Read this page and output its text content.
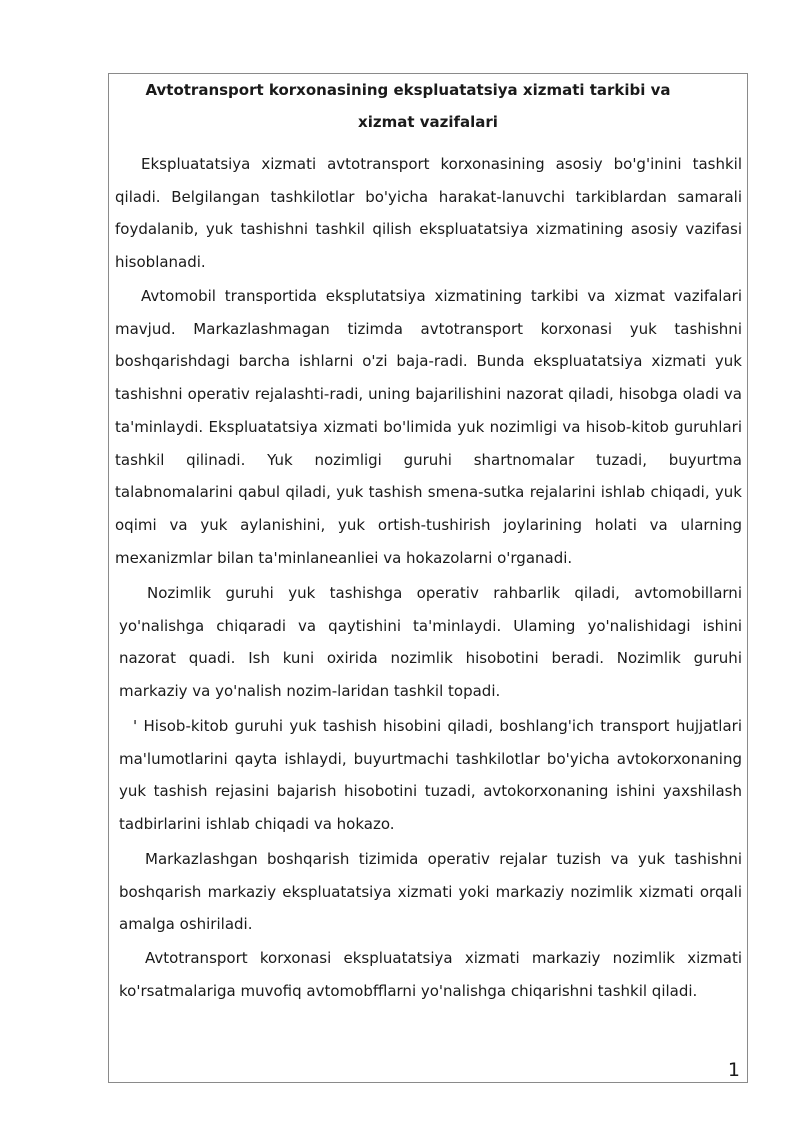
Avtotransport korxonasining ekspluatatsiya xizmati tarkibi va
xizmat vazifalari

Ekspluatatsiya xizmati avtotransport korxonasining asosiy bo'g'inini tashkil qiladi. Belgilangan tashkilotlar bo'yicha harakat-lanuvchi tarkiblardan samarali foydalanib, yuk tashishni tashkil qilish ekspluatatsiya xizmatining asosiy vazifasi hisoblanadi.

Avtomobil transportida eksplutatsiya xizmatining tarkibi va xizmat vazifalari mavjud. Markazlashmagan tizimda avtotransport korxonasi yuk tashishni boshqarishdagi barcha ishlarni o'zi baja-radi. Bunda ekspluatatsiya xizmati yuk tashishni operativ rejalashti-radi, uning bajarilishini nazorat qiladi, hisobga oladi va ta'minlaydi. Ekspluatatsiya xizmati bo'limida yuk nozimligi va hisob-kitob guruhlari tashkil qilinadi. Yuk nozimligi guruhi shartnomalar tuzadi, buyurtma talabnomalarini qabul qiladi, yuk tashish smena-sutka rejalarini ishlab chiqadi, yuk oqimi va yuk aylanishini, yuk ortish-tushirish joylarining holati va ularning mexanizmlar bilan ta'minlaneanliei va hokazolarni o'rganadi.

Nozimlik guruhi yuk tashishga operativ rahbarlik qiladi, avtomobillarni yo'nalishga chiqaradi va qaytishini ta'minlaydi. Ulaming yo'nalishidagi ishini nazorat quadi. Ish kuni oxirida nozimlik hisobotini beradi. Nozimlik guruhi markaziy va yo'nalish nozim-laridan tashkil topadi.

' Hisob-kitob guruhi yuk tashish hisobini qiladi, boshlang'ich transport hujjatlari ma'lumotlarini qayta ishlaydi, buyurtmachi tashkilotlar bo'yicha avtokorxonaning yuk tashish rejasini bajarish hisobotini tuzadi, avtokorxonaning ishini yaxshilash tadbirlarini ishlab chiqadi va hokazo.

Markazlashgan boshqarish tizimida operativ rejalar tuzish va yuk tashishni boshqarish markaziy ekspluatatsiya xizmati yoki markaziy nozimlik xizmati orqali amalga oshiriladi.

Avtotransport korxonasi ekspluatatsiya xizmati markaziy nozimlik xizmati ko'rsatmalariga muvofiq avtomobfflarni yo'nalishga chiqarishni tashkil qiladi.

1
